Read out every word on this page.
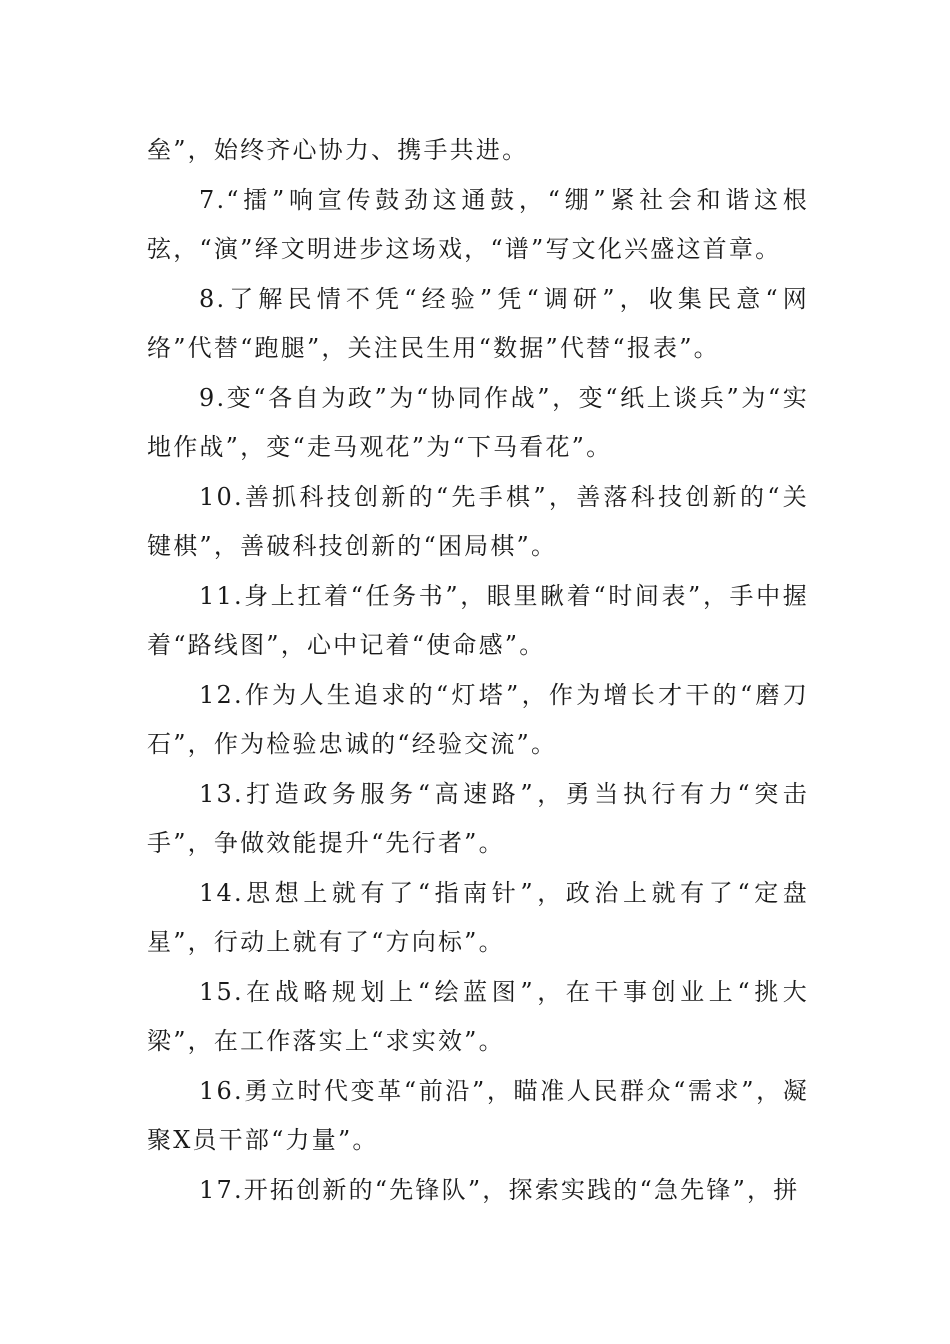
垒”，始终齐心协力、携手共进。

7.“擂”响宣传鼓劲这通鼓，“绷”紧社会和谐这根弦，“演”绎文明进步这场戏，“谱”写文化兴盛这首章。

8.了解民情不凭“经验”凭“调研”，收集民意“网络”代替“跑腿”，关注民生用“数据”代替“报表”。

9.变“各自为政”为“协同作战”，变“纸上谈兵”为“实地作战”，变“走马观花”为“下马看花”。

10.善抓科技创新的“先手棋”，善落科技创新的“关键棋”，善破科技创新的“困局棋”。

11.身上扛着“任务书”，眼里瞅着“时间表”，手中握着“路线图”，心中记着“使命感”。

12.作为人生追求的“灯塔”，作为增长才干的“磨刀石”，作为检验忠诚的“经验交流”。

13.打造政务服务“高速路”，勇当执行有力“突击手”，争做效能提升“先行者”。

14.思想上就有了“指南针”，政治上就有了“定盘星”，行动上就有了“方向标”。

15.在战略规划上“绘蓝图”，在干事创业上“挑大梁”，在工作落实上“求实效”。

16.勇立时代变革“前沿”，瞄准人民群众“需求”，凝聚X员干部“力量”。

17.开拓创新的“先锋队”，探索实践的“急先锋”，拼
